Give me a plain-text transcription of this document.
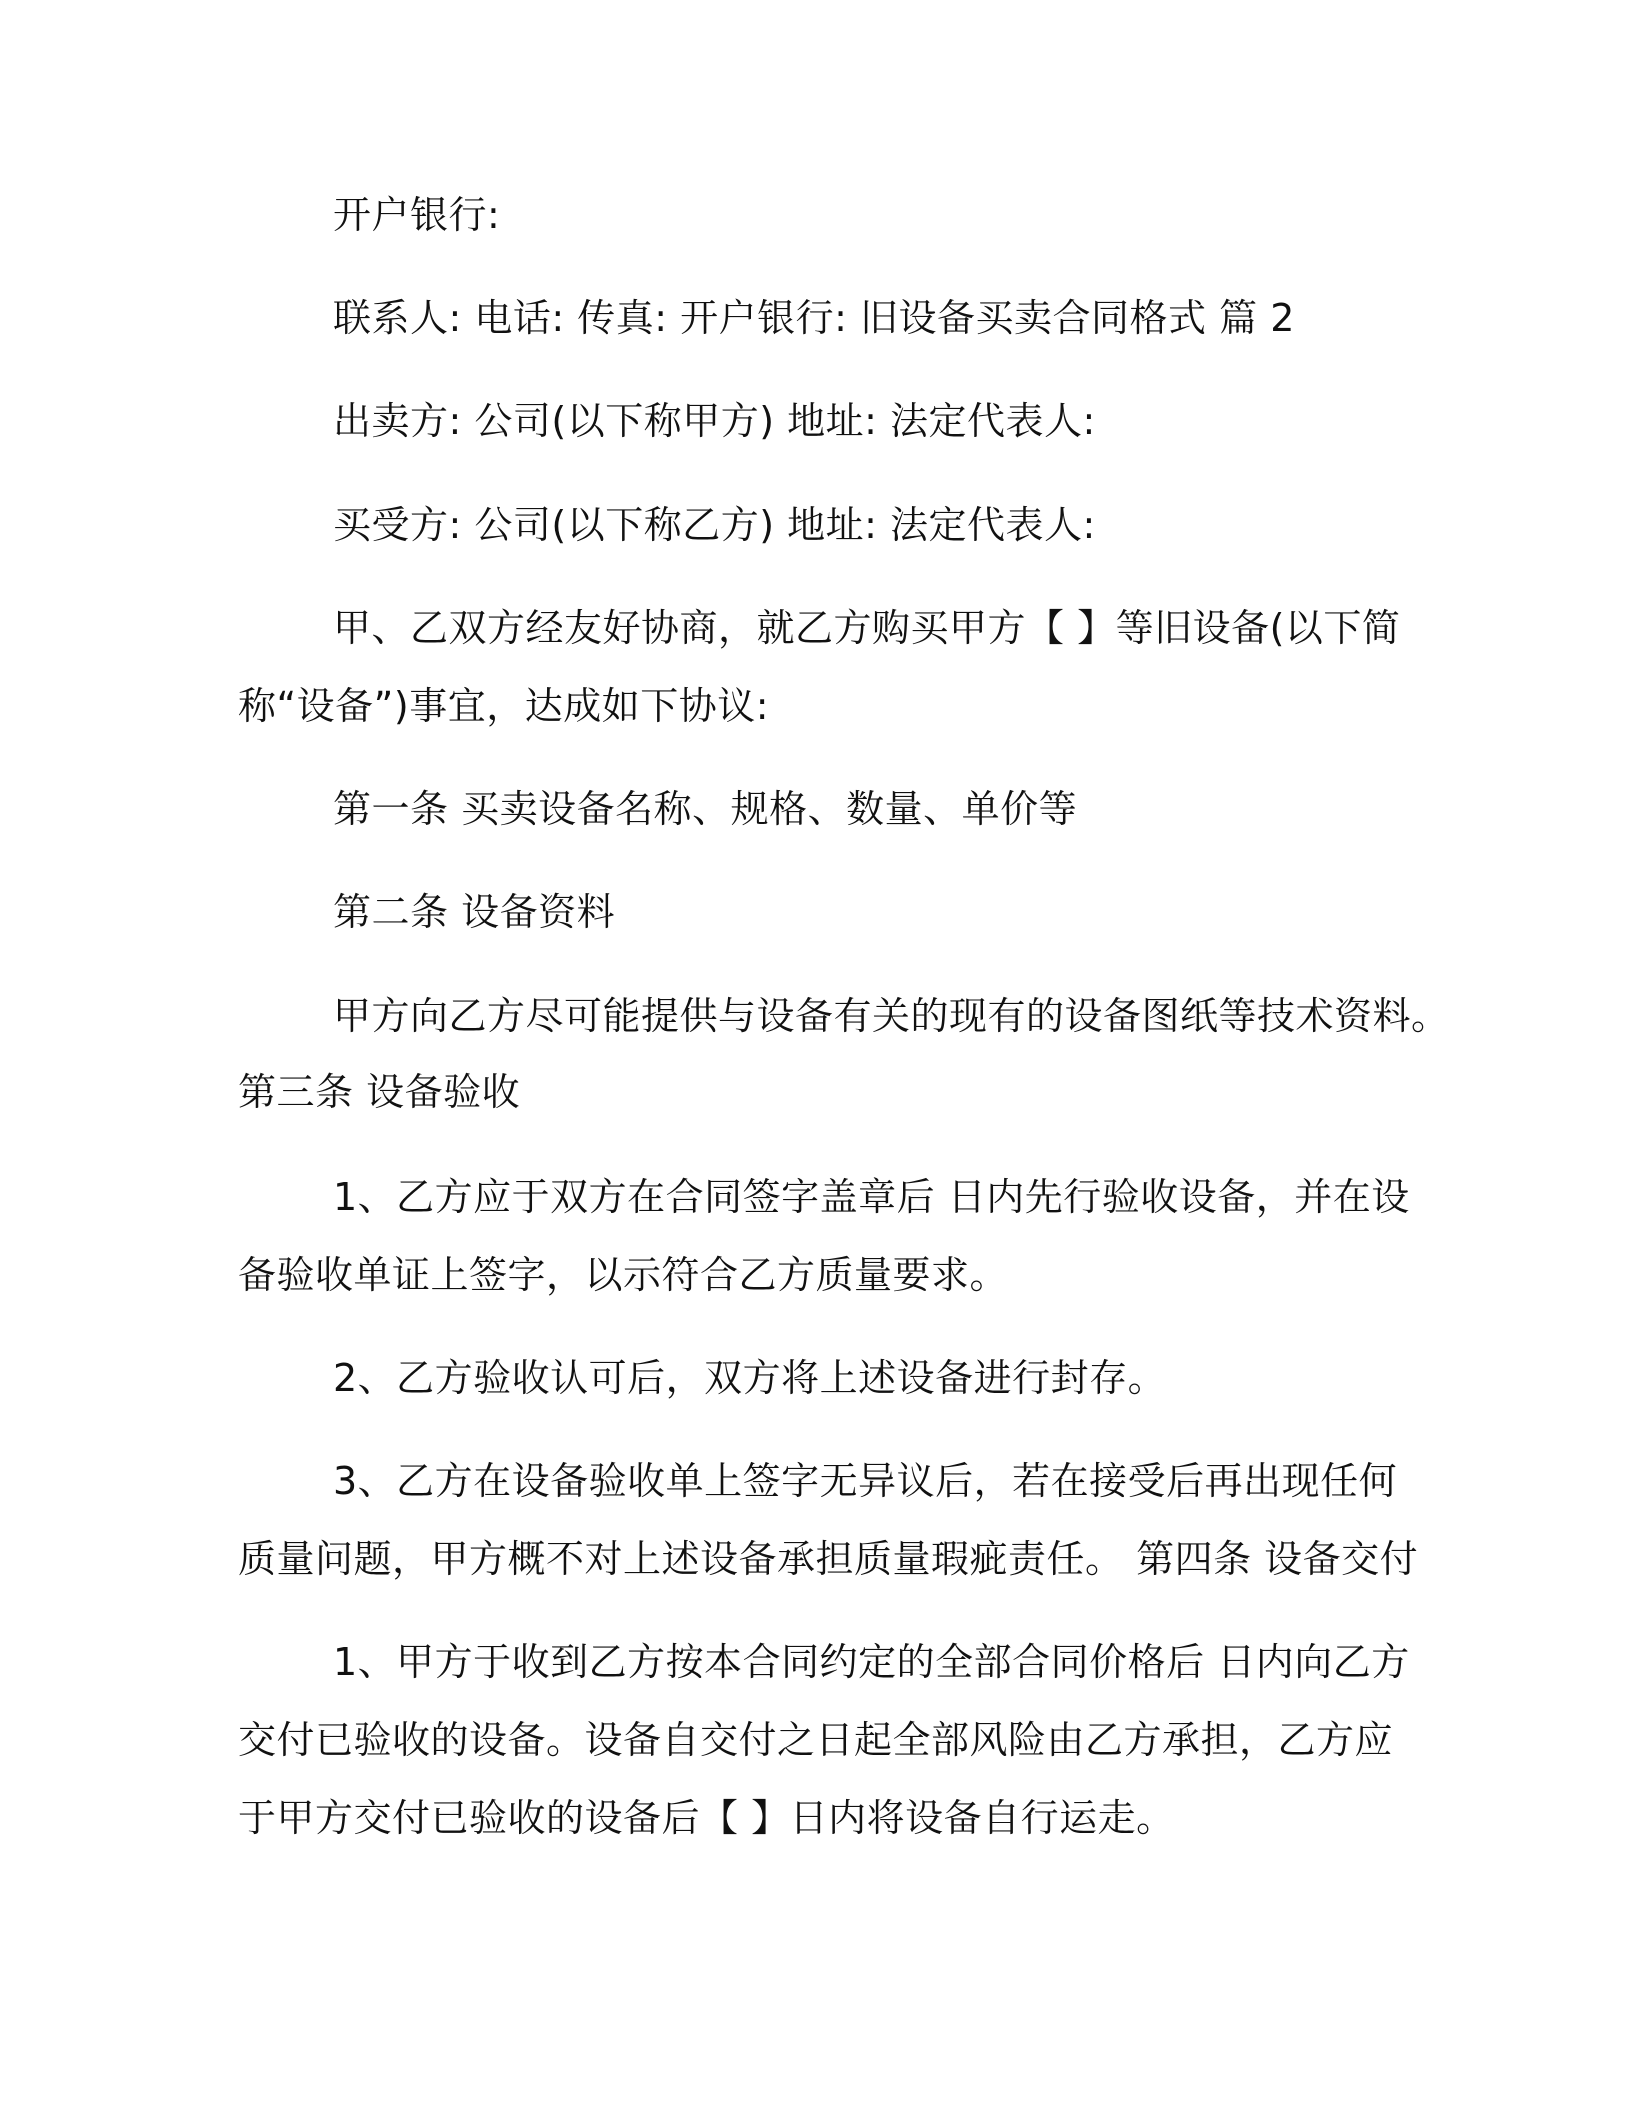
开户银行:
联系人: 电话: 传真: 开户银行: 旧设备买卖合同格式 篇 2
出卖方: 公司(以下称甲方) 地址: 法定代表人:
买受方: 公司(以下称乙方) 地址: 法定代表人:
甲、乙双方经友好协商，就乙方购买甲方【 】等旧设备(以下简
称“设备”)事宜，达成如下协议:
第一条 买卖设备名称、规格、数量、单价等
第二条 设备资料
甲方向乙方尽可能提供与设备有关的现有的设备图纸等技术资料。
第三条 设备验收
1、乙方应于双方在合同签字盖章后 日内先行验收设备，并在设
备验收单证上签字，以示符合乙方质量要求。
2、乙方验收认可后，双方将上述设备进行封存。
3、乙方在设备验收单上签字无异议后，若在接受后再出现任何
质量问题，甲方概不对上述设备承担质量瑕疵责任。 第四条 设备交付
1、甲方于收到乙方按本合同约定的全部合同价格后 日内向乙方
交付已验收的设备。设备自交付之日起全部风险由乙方承担，乙方应
于甲方交付已验收的设备后【 】日内将设备自行运走。
